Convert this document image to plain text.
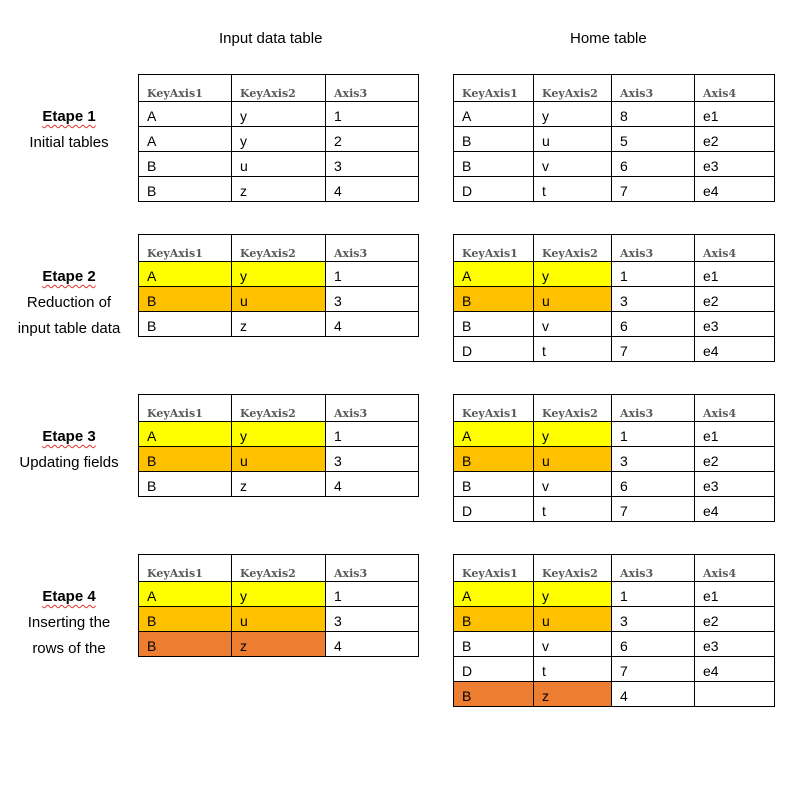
Input data table	Home table
KeyAxis1	KeyAxis2	Axis3
A	y	1
A	y	2
B	u	3
B	z	4
KeyAxis1	KeyAxis2	Axis3
A	y	1
B	u	3
B	z	4
KeyAxis1	KeyAxis2	Axis3
A	y	1
B	u	3
B	z	4
KeyAxis1	KeyAxis2	Axis3
A	y	1
B	u	3
B	z	4
KeyAxis1	KeyAxis2	Axis3	Axis4
A	y	8	e1
B	u	5	e2
B	v	6	e3
D	t	7	e4
KeyAxis1	KeyAxis2	Axis3	Axis4
A	y	1	e1
B	u	3	e2
B	v	6	e3
D	t	7	e4
KeyAxis1	KeyAxis2	Axis3	Axis4
A	y	1	e1
B	u	3	e2
B	v	6	e3
D	t	7	e4
KeyAxis1	KeyAxis2	Axis3	Axis4
A	y	1	e1
B	u	3	e2
B	v	6	e3
D	t	7	e4
B	z	4	
Etape 1
Initial tables
Etape 2
Reduction of
input table data
Etape 3
Updating fields
Etape 4
Inserting the
rows of the
